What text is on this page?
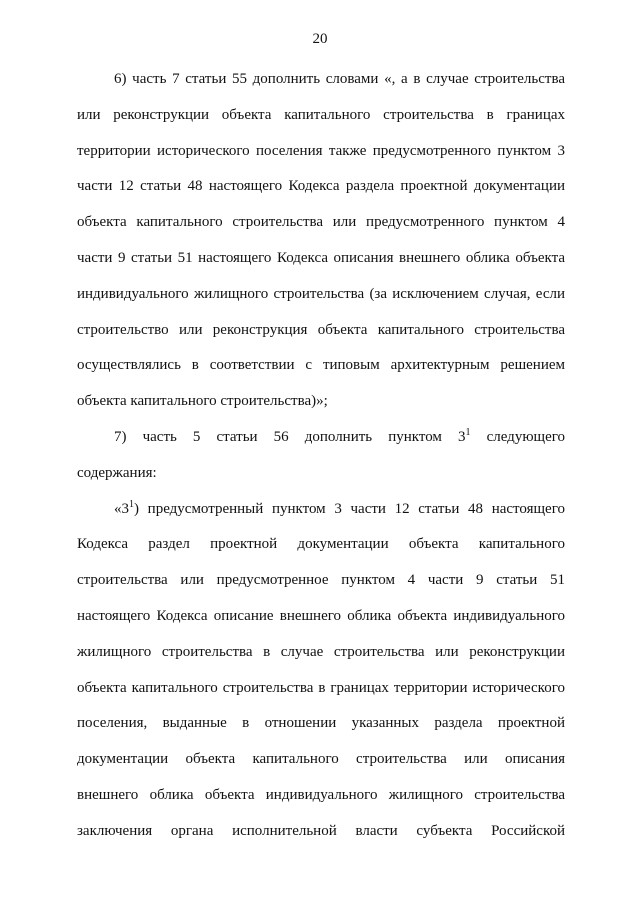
20
6) часть 7 статьи 55 дополнить словами «, а в случае строительства
или реконструкции объекта капитального строительства в границах
территории исторического поселения также предусмотренного пунктом 3
части 12 статьи 48 настоящего Кодекса раздела проектной документации
объекта капитального строительства или предусмотренного пунктом 4
части 9 статьи 51 настоящего Кодекса описания внешнего облика объекта
индивидуального жилищного строительства (за исключением случая, если
строительство или реконструкция объекта капитального строительства
осуществлялись в соответствии с типовым архитектурным решением
объекта капитального строительства)»;
7) часть 5 статьи 56 дополнить пунктом $3^1$ следующего
содержания:
«$3^1$) предусмотренный пунктом 3 части 12 статьи 48 настоящего
Кодекса раздел проектной документации объекта капитального
строительства или предусмотренное пунктом 4 части 9 статьи 51
настоящего Кодекса описание внешнего облика объекта индивидуального
жилищного строительства в случае строительства или реконструкции
объекта капитального строительства в границах территории исторического
поселения, выданные в отношении указанных раздела проектной
документации объекта капитального строительства или описания
внешнего облика объекта индивидуального жилищного строительства
заключения органа исполнительной власти субъекта Российской
